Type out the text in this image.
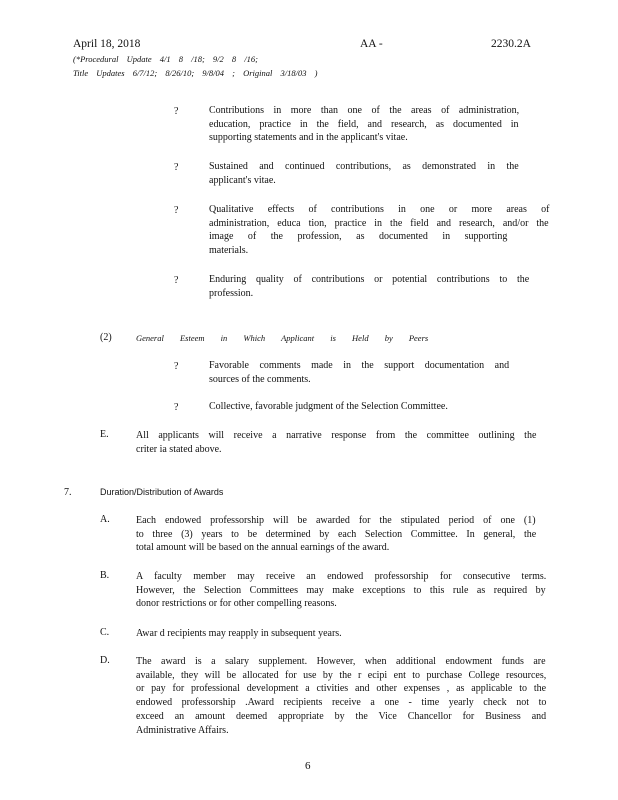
April 18, 2018	AA -	2230.2A
(*Procedural Update 4/1 8 /18; 9/2 8 /16;
Title Updates 6/7/12; 8/26/10; 9/8/04 ; Original 3/18/03 )
?	Contributions in more than one of the areas of administration,
education, practice in the field, and research, as documented in
supporting statements and in the applicant's vitae.
?	Sustained and continued contributions, as demonstrated in the
applicant's vitae.
?	Qualitative effects of contributions in one or more areas of
administration, educa tion, practice in the field and research, and/or the
image of the profession, as documented in supporting
materials.
?	Enduring quality of contributions or potential contributions to the
profession.
(2)	General Esteem in Which Applicant is Held by Peers
?	Favorable comments made in the support documentation and
sources of the comments.
?	Collective, favorable judgment of the Selection Committee.
E.	All applicants will receive a narrative response from the committee outlining the
criter ia stated above.
7.	Duration/Distribution of Awards
A.	Each endowed professorship will be awarded for the stipulated period of one (1)
to three (3) years to be determined by each Selection Committee. In general, the
total amount will be based on the annual earnings of the award.
B.	A faculty member may receive an endowed professorship for consecutive terms.
However, the Selection Committees may make exceptions to this rule as required by
donor restrictions or for other compelling reasons.
C.	Awar d recipients may reapply in subsequent years.
D.	The award is a salary supplement. However, when additional endowment funds are
available, they will be allocated for use by the r ecipi ent to purchase College resources,
or pay for professional development a ctivities and other expenses , as applicable to the
endowed professorship .Award recipients receive a one - time yearly check not to
exceed an amount deemed appropriate by the Vice Chancellor for Business and
Administrative Affairs.
6
